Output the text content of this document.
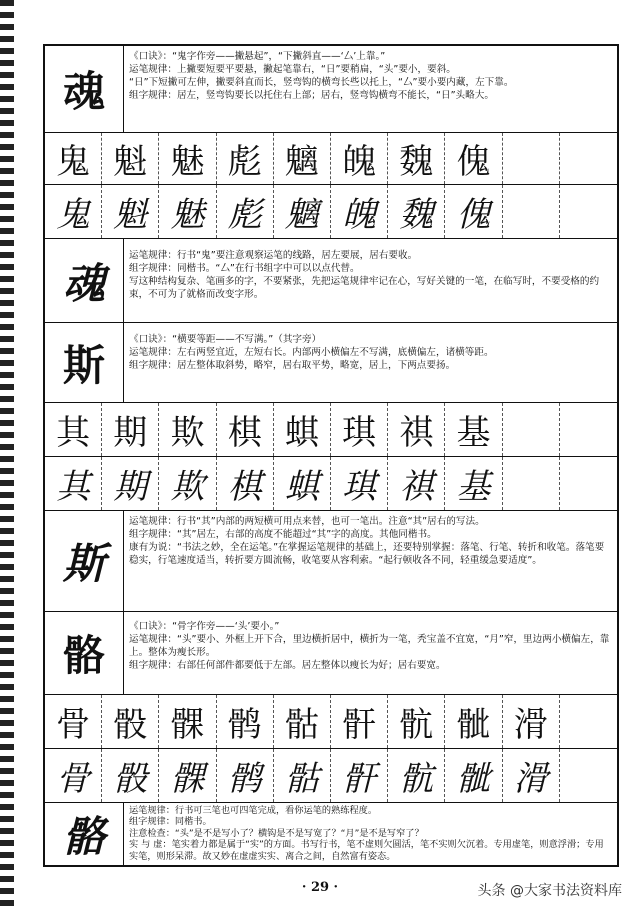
魂

《口诀》：“鬼字作旁——撇悬起”，“下撇斜直——‘厶’上靠。”

运笔规律：上撇要短要平要悬，撇起笔靠右，“日”要稍扁，“头”要小，要斜。

“日”下短撇可左伸，撇要斜直而长，竖弯钩的横弯长些以托上，“厶”要小要内藏，左下靠。

组字规律：居左，竖弯钩要长以托住右上部；居右，竖弯钩横弯不能长，“日”头略大。

鬼 魁 魅 彪 魑 魄 魏 傀
鬼 魁 魅 彪 魑 魄 魏 傀
魂

运笔规律：行书“鬼”要注意观察运笔的线路，居左要展，居右要收。

组字规律：同楷书。“厶”在行书组字中可以以点代替。

写这种结构复杂、笔画多的字，不要紧张，先把运笔规律牢记在心，写好关键的一笔，在临写时，不要受格的约束，不可为了就格而改变字形。

斯

《口诀》：“横要等距——不写满。”（其字旁）

运笔规律：左右两竖宜近，左短右长。内部两小横偏左不写满，底横偏左，诸横等距。

组字规律：居左整体取斜势，略窄，居右取平势，略宽，居上，下两点要扬。

其 期 欺 棋 蜞 琪 祺 基
其 期 欺 棋 蜞 琪 祺 基
斯

运笔规律：行书“其”内部的两短横可用点来替，也可一笔出。注意“其”居右的写法。

组字规律：“其”居左，右部的高度不能超过“其”字的高度。其他同楷书。

康有为说：“书法之妙，全在运笔。”在掌握运笔规律的基础上，还要特别掌握：落笔、行笔、转折和收笔。落笔要稳实，行笔速度适当，转折要方圆流畅，收笔要从容利索。“起行顿收各不同，轻重缓急要适度”。

骼

《口诀》：“骨字作旁——‘头’要小。”

运笔规律：“头”要小、外框上开下合，里边横折居中，横折为一笔，秃宝盖不宜宽，“月”窄，里边两小横偏左，靠上。整体为瘦长形。

组字规律：右部任何部件都要低于左部。居左整体以瘦长为好；居右要宽。

骨 骰 髁 鹘 骷 骭 骯 骴 滑
骨 骰 髁 鹘 骷 骭 骯 骴 滑
骼

运笔规律：行书可三笔也可四笔完成，看你运笔的熟练程度。

组字规律：同楷书。

注意检查：“头”是不是写小了？横钩是不是写宽了？“月”是不是写窄了？

实 与 虚：笔实着力都是属于“实”的方面。书写行书，笔不虚则欠圆活，笔不实则欠沉着。专用虚笔，则意浮滑；专用实笔，则形呆滞。故又妙在虚虚实实、离合之间，自然富有姿态。

· 29 ·	头条 @大家书法资料库
